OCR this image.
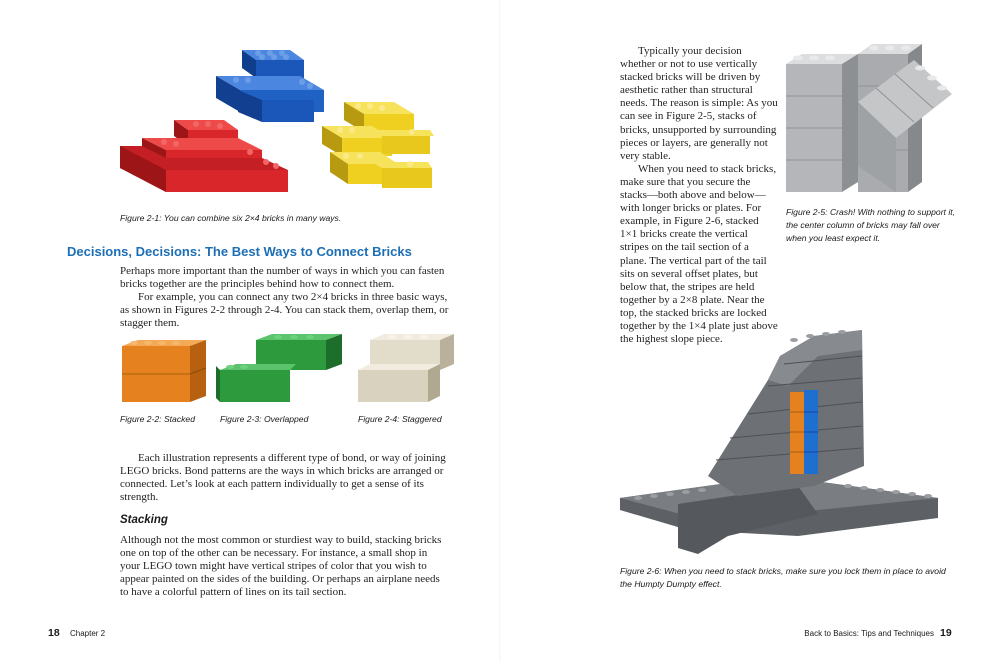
Figure 2-1: You can combine six 2×4 bricks in many ways.
Decisions, Decisions: The Best Ways to Connect Bricks

Perhaps more important than the number of ways in which you can fasten bricks together are the principles behind how to connect them.

For example, you can connect any two 2×4 bricks in three basic ways, as shown in Figures 2-2 through 2-4. You can stack them, overlap them, or stagger them.

Figure 2-2: Stacked	Figure 2-3: Overlapped	Figure 2-4: Staggered

Each illustration represents a different type of bond, or way of joining LEGO bricks. Bond patterns are the ways in which bricks are arranged or connected. Let’s look at each pattern individually to get a sense of its strength.

Stacking

Although not the most common or sturdiest way to build, stacking bricks one on top of the other can be necessary. For instance, a small shop in your LEGO town might have vertical stripes of color that you wish to appear painted on the sides of the building. Or perhaps an airplane needs to have a colorful pattern of lines on its tail section.

18 Chapter 2

Typically your decision whether or not to use vertically stacked bricks will be driven by aesthetic rather than structural needs. The reason is simple: As you can see in Figure 2-5, stacks of bricks, unsupported by surrounding pieces or layers, are generally not very stable.

When you need to stack bricks, make sure that you secure the stacks—both above and below—with longer bricks or plates. For example, in Figure 2-6, stacked 1×1 bricks create the vertical stripes on the tail section of a plane. The vertical part of the tail sits on several offset plates, but below that, the stripes are held together by a 2×8 plate. Near the top, the stacked bricks are locked together by the 1×4 plate just above the highest slope piece.

Figure 2-5: Crash! With nothing to support it, the center column of bricks may fall over when you least expect it.
Figure 2-6: When you need to stack bricks, make sure you lock them in place to avoid the Humpty Dumpty effect.
Back to Basics: Tips and Techniques 19
